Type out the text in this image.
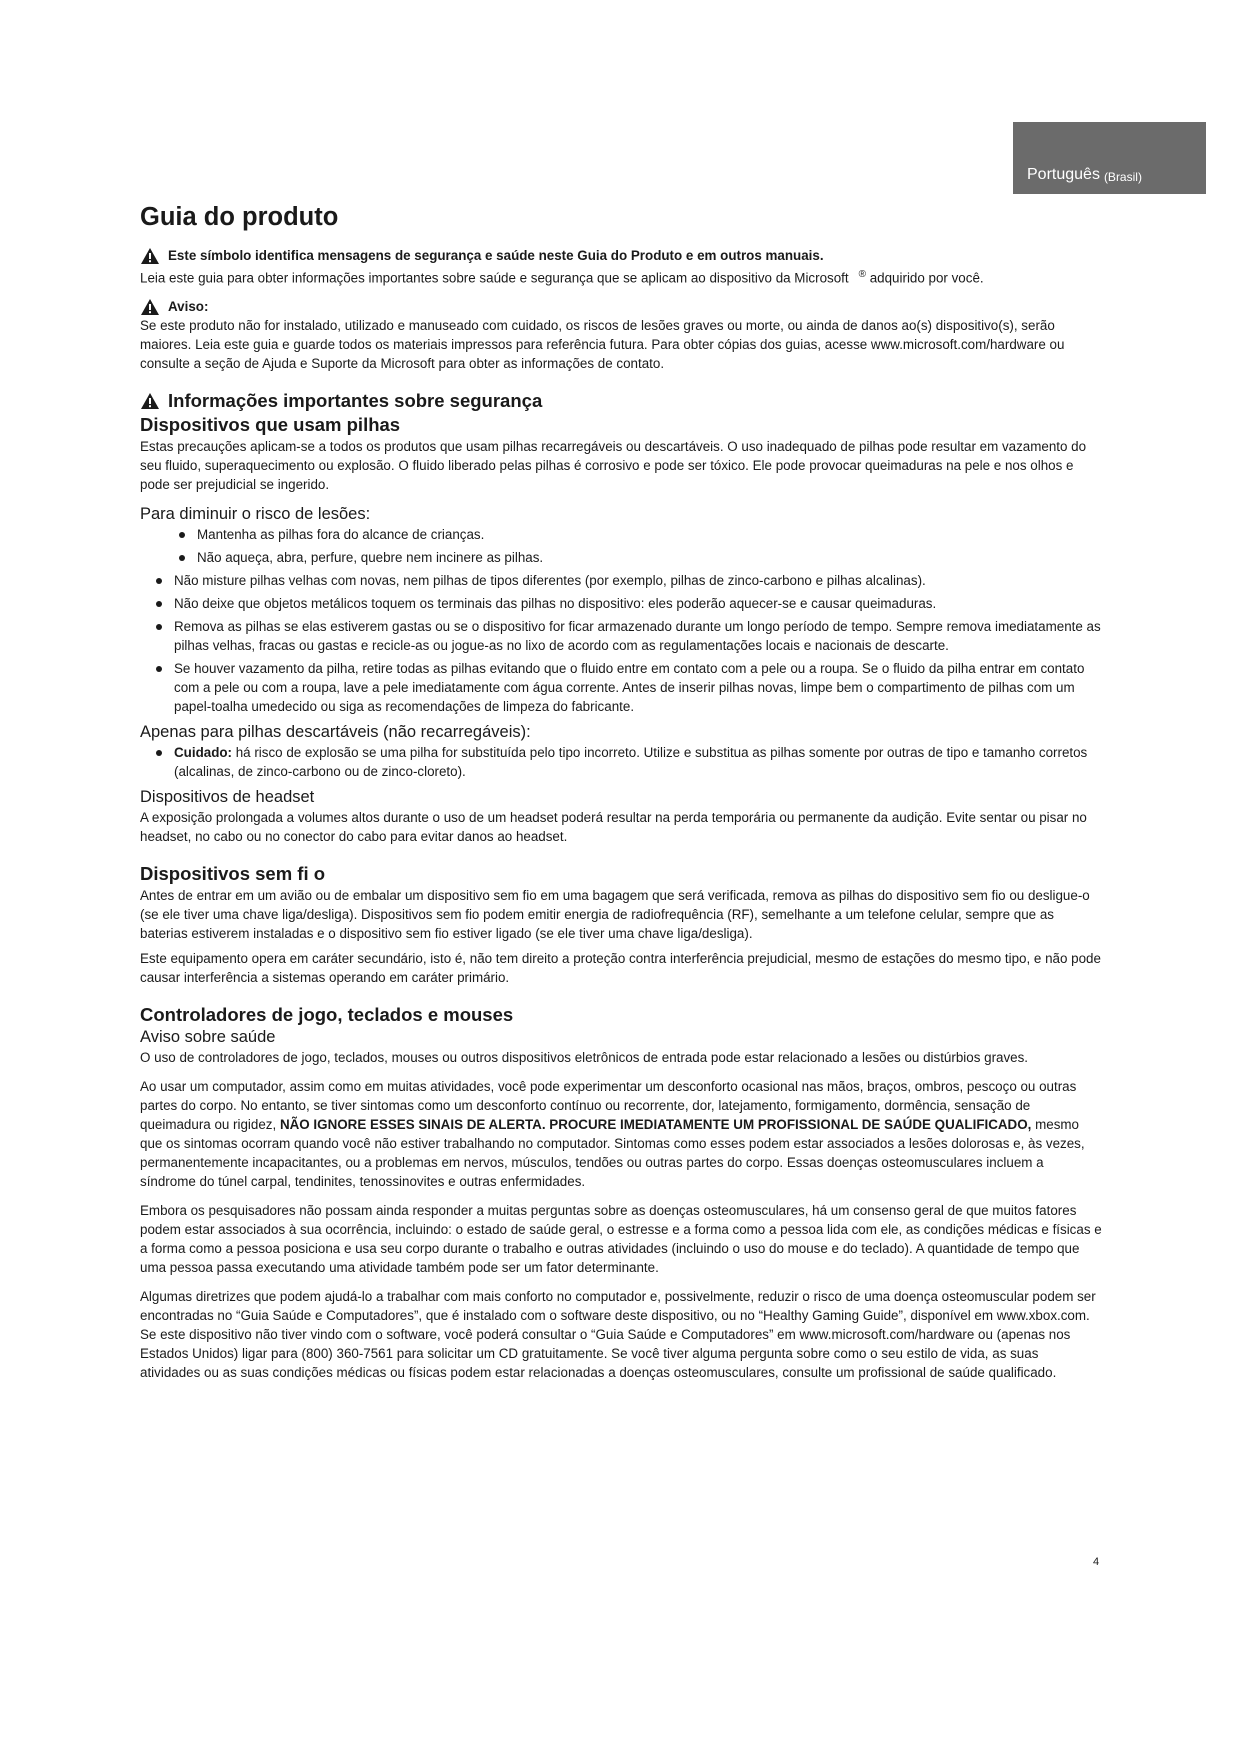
Português (Brasil)
Guia do produto
Este símbolo identifica mensagens de segurança e saúde neste Guia do Produto e em outros manuais.

Leia este guia para obter informações importantes sobre saúde e segurança que se aplicam ao dispositivo da Microsoft ® adquirido por você.

Aviso:

Se este produto não for instalado, utilizado e manuseado com cuidado, os riscos de lesões graves ou morte, ou ainda de danos ao(s) dispositivo(s), serão maiores. Leia este guia e guarde todos os materiais impressos para referência futura. Para obter cópias dos guias, acesse www.microsoft.com/hardware ou consulte a seção de Ajuda e Suporte da Microsoft para obter as informações de contato.

Informações importantes sobre segurança
Dispositivos que usam pilhas

Estas precauções aplicam-se a todos os produtos que usam pilhas recarregáveis ou descartáveis. O uso inadequado de pilhas pode resultar em vazamento do seu fluido, superaquecimento ou explosão. O fluido liberado pelas pilhas é corrosivo e pode ser tóxico. Ele pode provocar queimaduras na pele e nos olhos e pode ser prejudicial se ingerido.

Para diminuir o risco de lesões:
Mantenha as pilhas fora do alcance de crianças.
Não aqueça, abra, perfure, quebre nem incinere as pilhas.
Não misture pilhas velhas com novas, nem pilhas de tipos diferentes (por exemplo, pilhas de zinco-carbono e pilhas alcalinas).
Não deixe que objetos metálicos toquem os terminais das pilhas no dispositivo: eles poderão aquecer-se e causar queimaduras.
Remova as pilhas se elas estiverem gastas ou se o dispositivo for ficar armazenado durante um longo período de tempo. Sempre remova imediatamente as pilhas velhas, fracas ou gastas e recicle-as ou jogue-as no lixo de acordo com as regulamentações locais e nacionais de descarte.
Se houver vazamento da pilha, retire todas as pilhas evitando que o fluido entre em contato com a pele ou a roupa. Se o fluido da pilha entrar em contato com a pele ou com a roupa, lave a pele imediatamente com água corrente. Antes de inserir pilhas novas, limpe bem o compartimento de pilhas com um papel-toalha umedecido ou siga as recomendações de limpeza do fabricante.
Apenas para pilhas descartáveis (não recarregáveis):
Cuidado: há risco de explosão se uma pilha for substituída pelo tipo incorreto. Utilize e substitua as pilhas somente por outras de tipo e tamanho corretos (alcalinas, de zinco-carbono ou de zinco-cloreto).
Dispositivos de headset

A exposição prolongada a volumes altos durante o uso de um headset poderá resultar na perda temporária ou permanente da audição. Evite sentar ou pisar no headset, no cabo ou no conector do cabo para evitar danos ao headset.

Dispositivos sem fi o

Antes de entrar em um avião ou de embalar um dispositivo sem fio em uma bagagem que será verificada, remova as pilhas do dispositivo sem fio ou desligue-o (se ele tiver uma chave liga/desliga). Dispositivos sem fio podem emitir energia de radiofrequência (RF), semelhante a um telefone celular, sempre que as baterias estiverem instaladas e o dispositivo sem fio estiver ligado (se ele tiver uma chave liga/desliga).

Este equipamento opera em caráter secundário, isto é, não tem direito a proteção contra interferência prejudicial, mesmo de estações do mesmo tipo, e não pode causar interferência a sistemas operando em caráter primário.

Controladores de jogo, teclados e mouses
Aviso sobre saúde

O uso de controladores de jogo, teclados, mouses ou outros dispositivos eletrônicos de entrada pode estar relacionado a lesões ou distúrbios graves.

Ao usar um computador, assim como em muitas atividades, você pode experimentar um desconforto ocasional nas mãos, braços, ombros, pescoço ou outras partes do corpo. No entanto, se tiver sintomas como um desconforto contínuo ou recorrente, dor, latejamento, formigamento, dormência, sensação de queimadura ou rigidez, NÃO IGNORE ESSES SINAIS DE ALERTA. PROCURE IMEDIATAMENTE UM PROFISSIONAL DE SAÚDE QUALIFICADO, mesmo que os sintomas ocorram quando você não estiver trabalhando no computador. Sintomas como esses podem estar associados a lesões dolorosas e, às vezes, permanentemente incapacitantes, ou a problemas em nervos, músculos, tendões ou outras partes do corpo. Essas doenças osteomusculares incluem a síndrome do túnel carpal, tendinites, tenossinovites e outras enfermidades.

Embora os pesquisadores não possam ainda responder a muitas perguntas sobre as doenças osteomusculares, há um consenso geral de que muitos fatores podem estar associados à sua ocorrência, incluindo: o estado de saúde geral, o estresse e a forma como a pessoa lida com ele, as condições médicas e físicas e a forma como a pessoa posiciona e usa seu corpo durante o trabalho e outras atividades (incluindo o uso do mouse e do teclado). A quantidade de tempo que uma pessoa passa executando uma atividade também pode ser um fator determinante.

Algumas diretrizes que podem ajudá-lo a trabalhar com mais conforto no computador e, possivelmente, reduzir o risco de uma doença osteomuscular podem ser encontradas no “Guia Saúde e Computadores”, que é instalado com o software deste dispositivo, ou no “Healthy Gaming Guide”, disponível em www.xbox.com. Se este dispositivo não tiver vindo com o software, você poderá consultar o “Guia Saúde e Computadores” em www.microsoft.com/hardware ou (apenas nos Estados Unidos) ligar para (800) 360-7561 para solicitar um CD gratuitamente. Se você tiver alguma pergunta sobre como o seu estilo de vida, as suas atividades ou as suas condições médicas ou físicas podem estar relacionadas a doenças osteomusculares, consulte um profissional de saúde qualificado.

4
